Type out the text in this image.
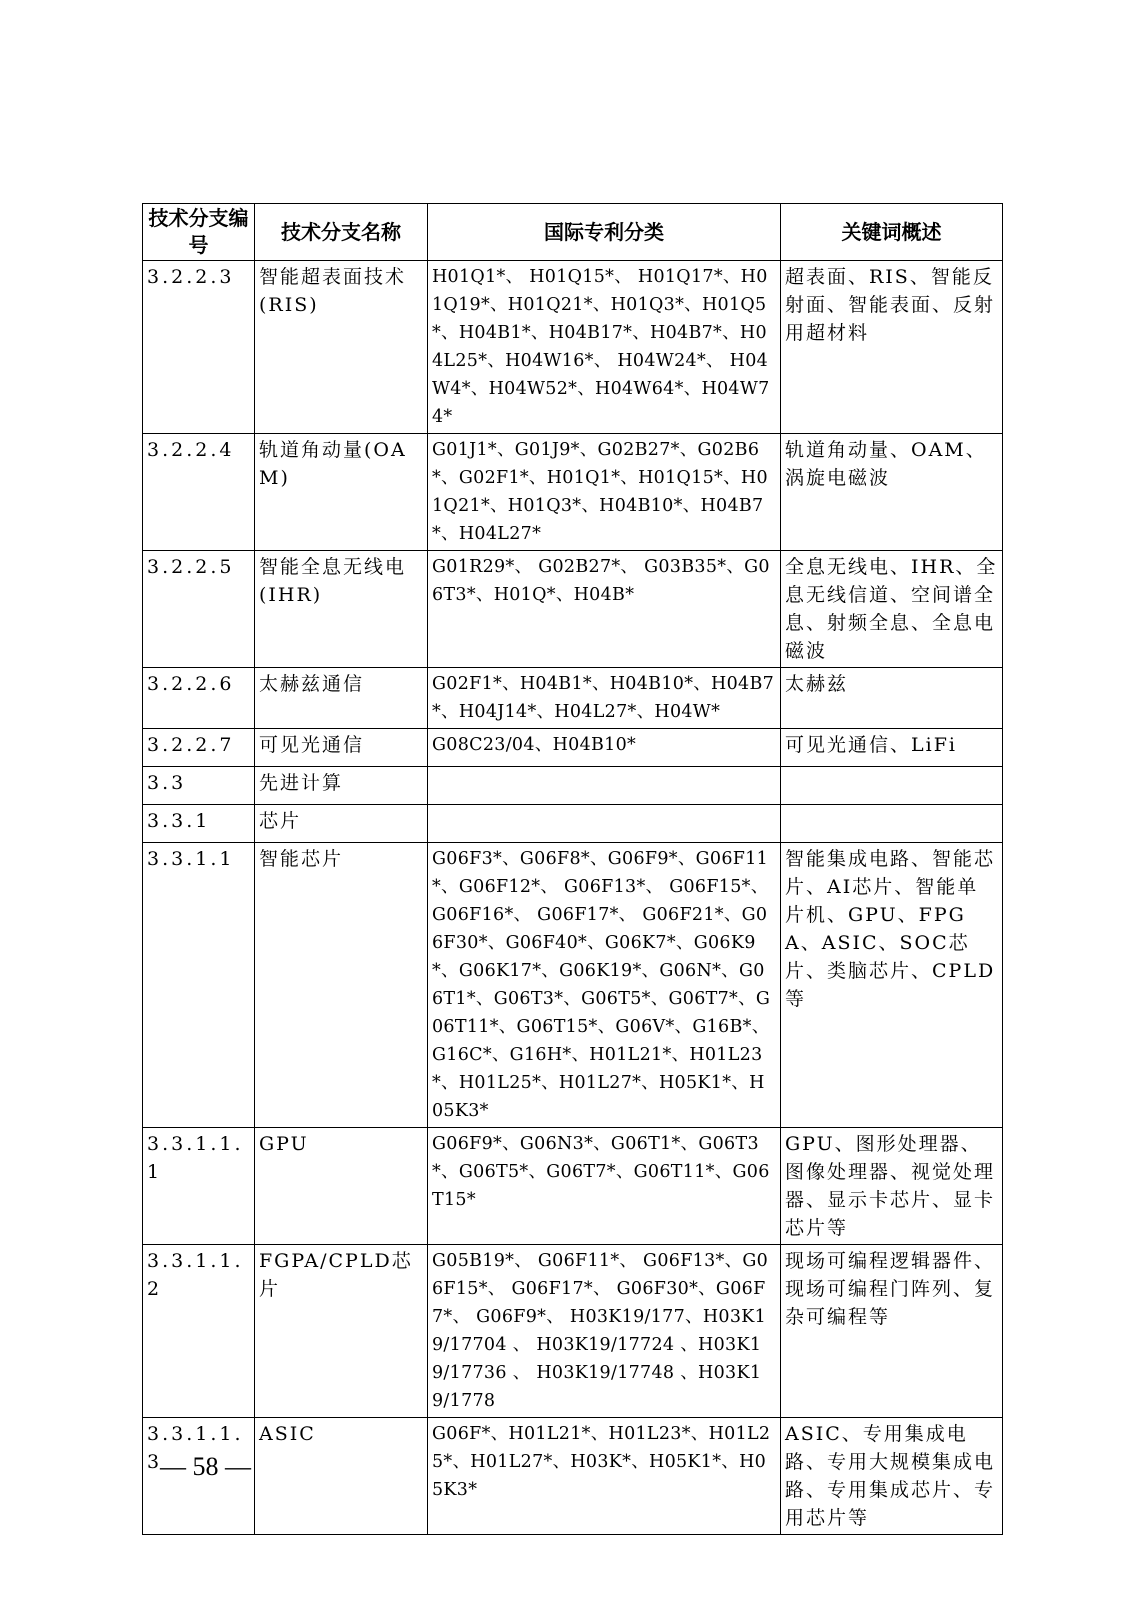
技术分支编号	技术分支名称	国际专利分类	关键词概述
3.2.2.3	智能超表面技术(RIS)	H01Q1*、 H01Q15*、 H01Q17*、H01Q19*、H01Q21*、H01Q3*、H01Q5*、H04B1*、H04B17*、H04B7*、H04L25*、H04W16*、 H04W24*、 H04W4*、H04W52*、H04W64*、H04W74*	超表面、RIS、智能反射面、智能表面、反射用超材料
3.2.2.4	轨道角动量(OAM)	G01J1*、G01J9*、G02B27*、G02B6*、G02F1*、H01Q1*、H01Q15*、H01Q21*、H01Q3*、H04B10*、H04B7*、H04L27*	轨道角动量、OAM、涡旋电磁波
3.2.2.5	智能全息无线电(IHR)	G01R29*、 G02B27*、 G03B35*、G06T3*、H01Q*、H04B*	全息无线电、IHR、全息无线信道、空间谱全息、射频全息、全息电磁波
3.2.2.6	太赫兹通信	G02F1*、H04B1*、H04B10*、H04B7*、H04J14*、H04L27*、H04W*	太赫兹
3.2.2.7	可见光通信	G08C23/04、H04B10*	可见光通信、LiFi
3.3	先进计算		
3.3.1	芯片		
3.3.1.1	智能芯片	G06F3*、G06F8*、G06F9*、G06F11*、G06F12*、 G06F13*、 G06F15*、G06F16*、 G06F17*、 G06F21*、G06F30*、G06F40*、G06K7*、G06K9*、G06K17*、G06K19*、G06N*、G06T1*、G06T3*、G06T5*、G06T7*、G06T11*、G06T15*、G06V*、G16B*、G16C*、G16H*、H01L21*、H01L23*、H01L25*、H01L27*、H05K1*、H05K3*	智能集成电路、智能芯片、AI芯片、智能单片机、GPU、FPGA、ASIC、SOC芯片、类脑芯片、CPLD等
3.3.1.1.1	GPU	G06F9*、G06N3*、G06T1*、G06T3*、G06T5*、G06T7*、G06T11*、G06T15*	GPU、图形处理器、图像处理器、视觉处理器、显示卡芯片、显卡芯片等
3.3.1.1.2	FGPA/CPLD芯片	G05B19*、 G06F11*、 G06F13*、G06F15*、 G06F17*、 G06F30*、G06F7*、 G06F9*、 H03K19/177、H03K19/17704 、 H03K19/17724 、H03K19/17736 、 H03K19/17748 、H03K19/1778	现场可编程逻辑器件、现场可编程门阵列、复杂可编程等
3.3.1.1.3	ASIC	G06F*、H01L21*、H01L23*、H01L25*、H01L27*、H03K*、H05K1*、H05K3*	ASIC、专用集成电路、专用大规模集成电路、专用集成芯片、专用芯片等
— 58 —
